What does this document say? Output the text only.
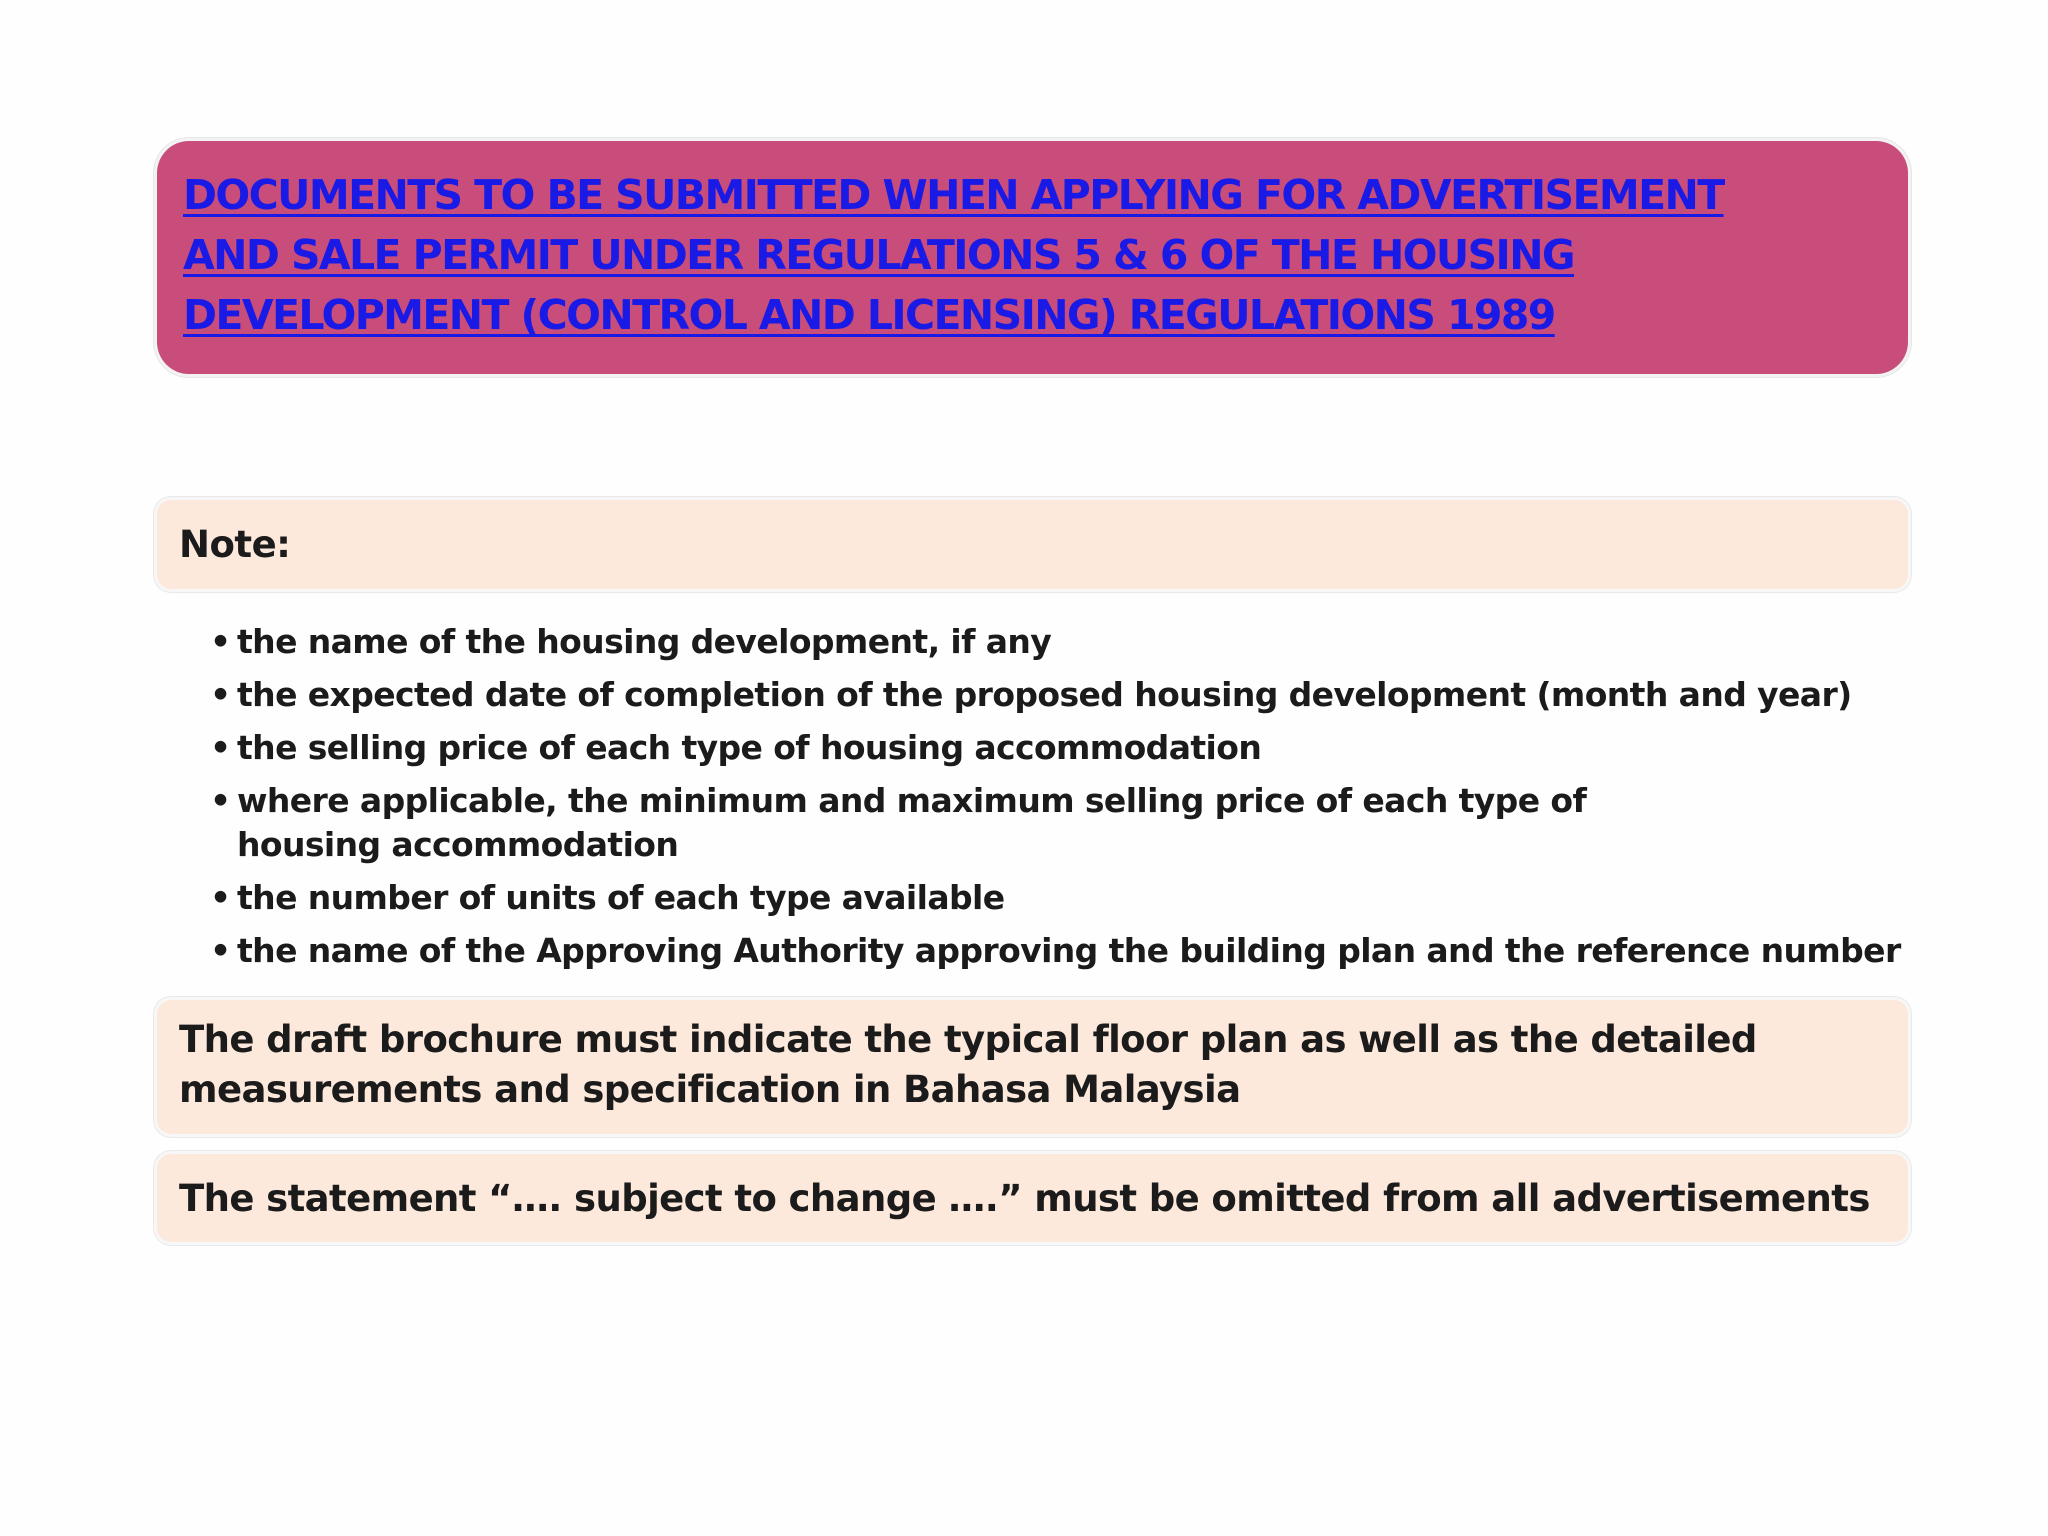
DOCUMENTS TO BE SUBMITTED WHEN APPLYING FOR ADVERTISEMENT
AND SALE PERMIT UNDER REGULATIONS 5 & 6 OF THE HOUSING
DEVELOPMENT (CONTROL AND LICENSING) REGULATIONS 1989
Note:
• the name of the housing development, if any
• the expected date of completion of the proposed housing development (month and year)
• the selling price of each type of housing accommodation
• where applicable, the minimum and maximum selling price of each type of housing accommodation
• the number of units of each type available
• the name of the Approving Authority approving the building plan and the reference number
The draft brochure must indicate the typical floor plan as well as the detailed measurements and specification in Bahasa Malaysia
The statement “…. subject to change ….” must be omitted from all advertisements
